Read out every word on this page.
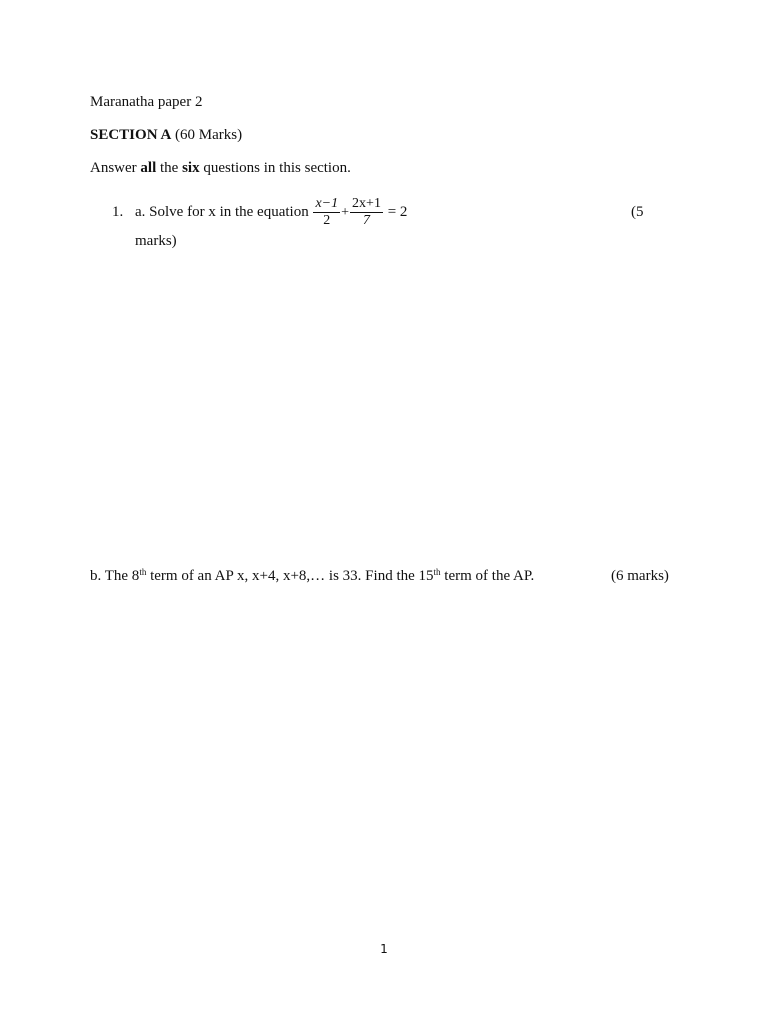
Maranatha paper 2
SECTION A (60 Marks)
Answer all the six questions in this section.
1. a. Solve for x in the equation $\frac{x-1}{2} + \frac{2x+1}{7} = 2$	(5
marks)
b. The 8th term of an AP x, x+4, x+8,… is 33. Find the 15th term of the AP.	(6 marks)
1
